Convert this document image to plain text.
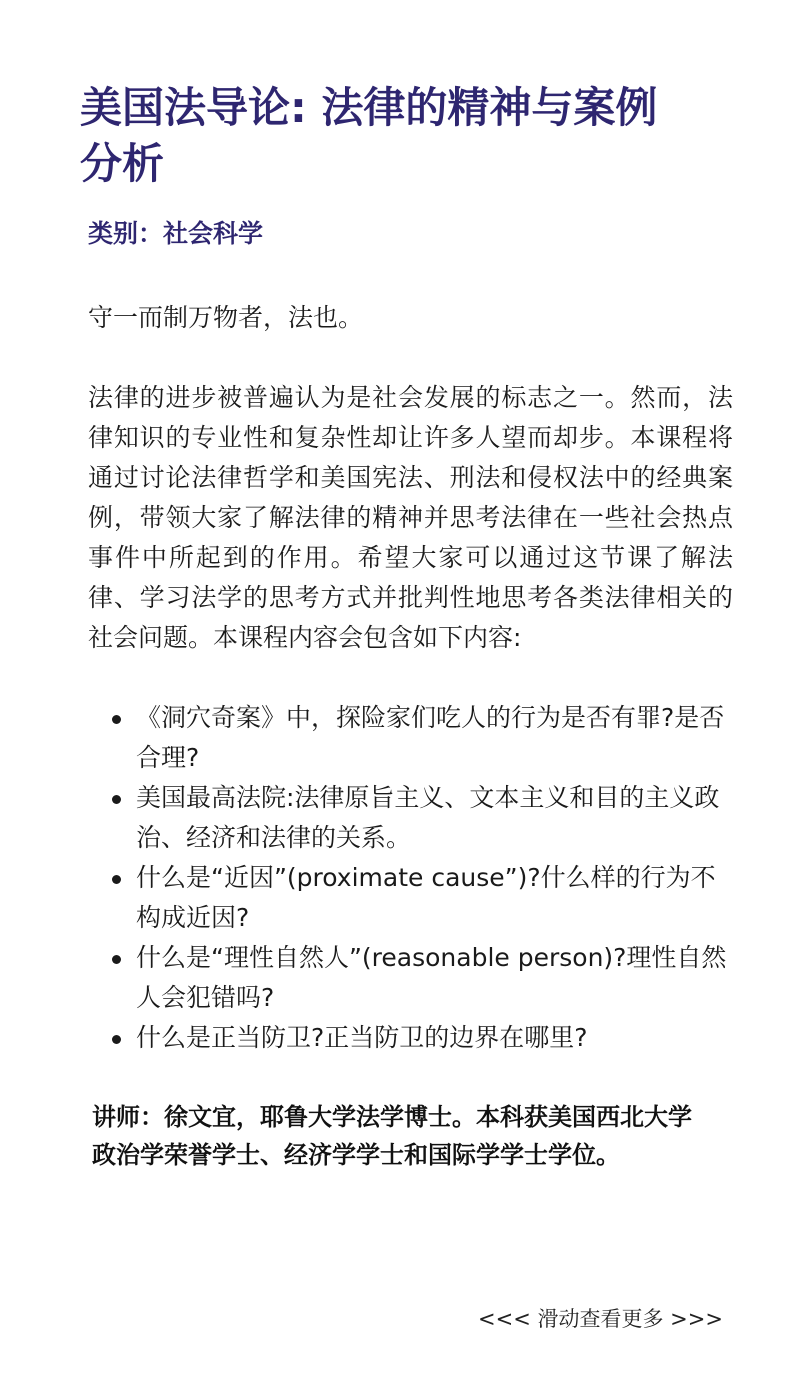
美国法导论: 法律的精神与案例分析

类别：社会科学

守一而制万物者，法也。

法律的进步被普遍认为是社会发展的标志之一。然而，法律知识的专业性和复杂性却让许多人望而却步。本课程将通过讨论法律哲学和美国宪法、刑法和侵权法中的经典案例，带领大家了解法律的精神并思考法律在一些社会热点事件中所起到的作用。希望大家可以通过这节课了解法律、学习法学的思考方式并批判性地思考各类法律相关的社会问题。本课程内容会包含如下内容:

《洞穴奇案》中，探险家们吃人的行为是否有罪?是否合理?
美国最高法院:法律原旨主义、文本主义和目的主义政治、经济和法律的关系。
什么是“近因”(proximate cause”)?什么样的行为不构成近因?
什么是“理性自然人”(reasonable person)?理性自然人会犯错吗?
什么是正当防卫?正当防卫的边界在哪里?

讲师：徐文宜，耶鲁大学法学博士。本科获美国西北大学政治学荣誉学士、经济学学士和国际学学士学位。

<<< 滑动查看更多 >>>
